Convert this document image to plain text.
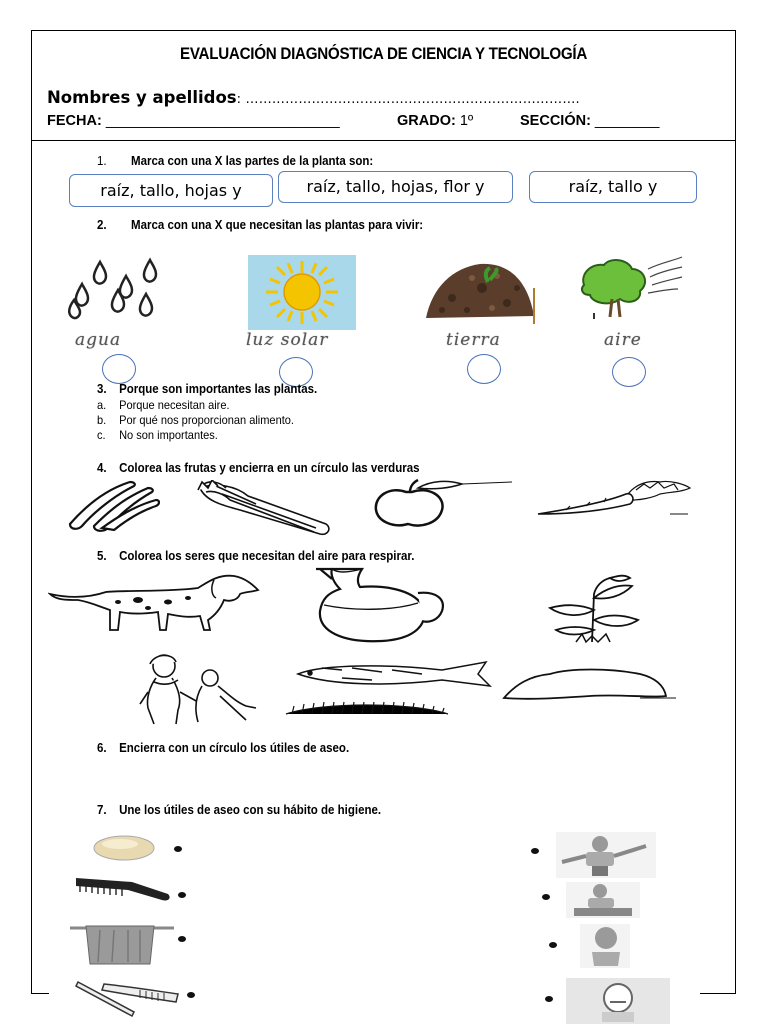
EVALUACIÓN DIAGNÓSTICA DE CIENCIA Y TECNOLOGÍA
Nombres y apellidos: ………………………………………………………………….
FECHA: _____________________________	GRADO: 1º	SECCIÓN: ________
1. Marca con una X las partes de la planta son:
raíz, tallo, hojas y	raíz, tallo, hojas, flor y	raíz, tallo y
2. Marca con una X que necesitan las plantas para vivir:
agua	luz solar	tierra	aire
3. Porque son importantes las plantas.
a. Porque necesitan aire.
b. Por qué nos proporcionan alimento.
c. No son importantes.
4. Colorea las frutas y encierra en un círculo las verduras
5. Colorea los seres que necesitan del aire para respirar.
6. Encierra con un círculo los útiles de aseo.
7. Une los útiles de aseo con su hábito de higiene.
